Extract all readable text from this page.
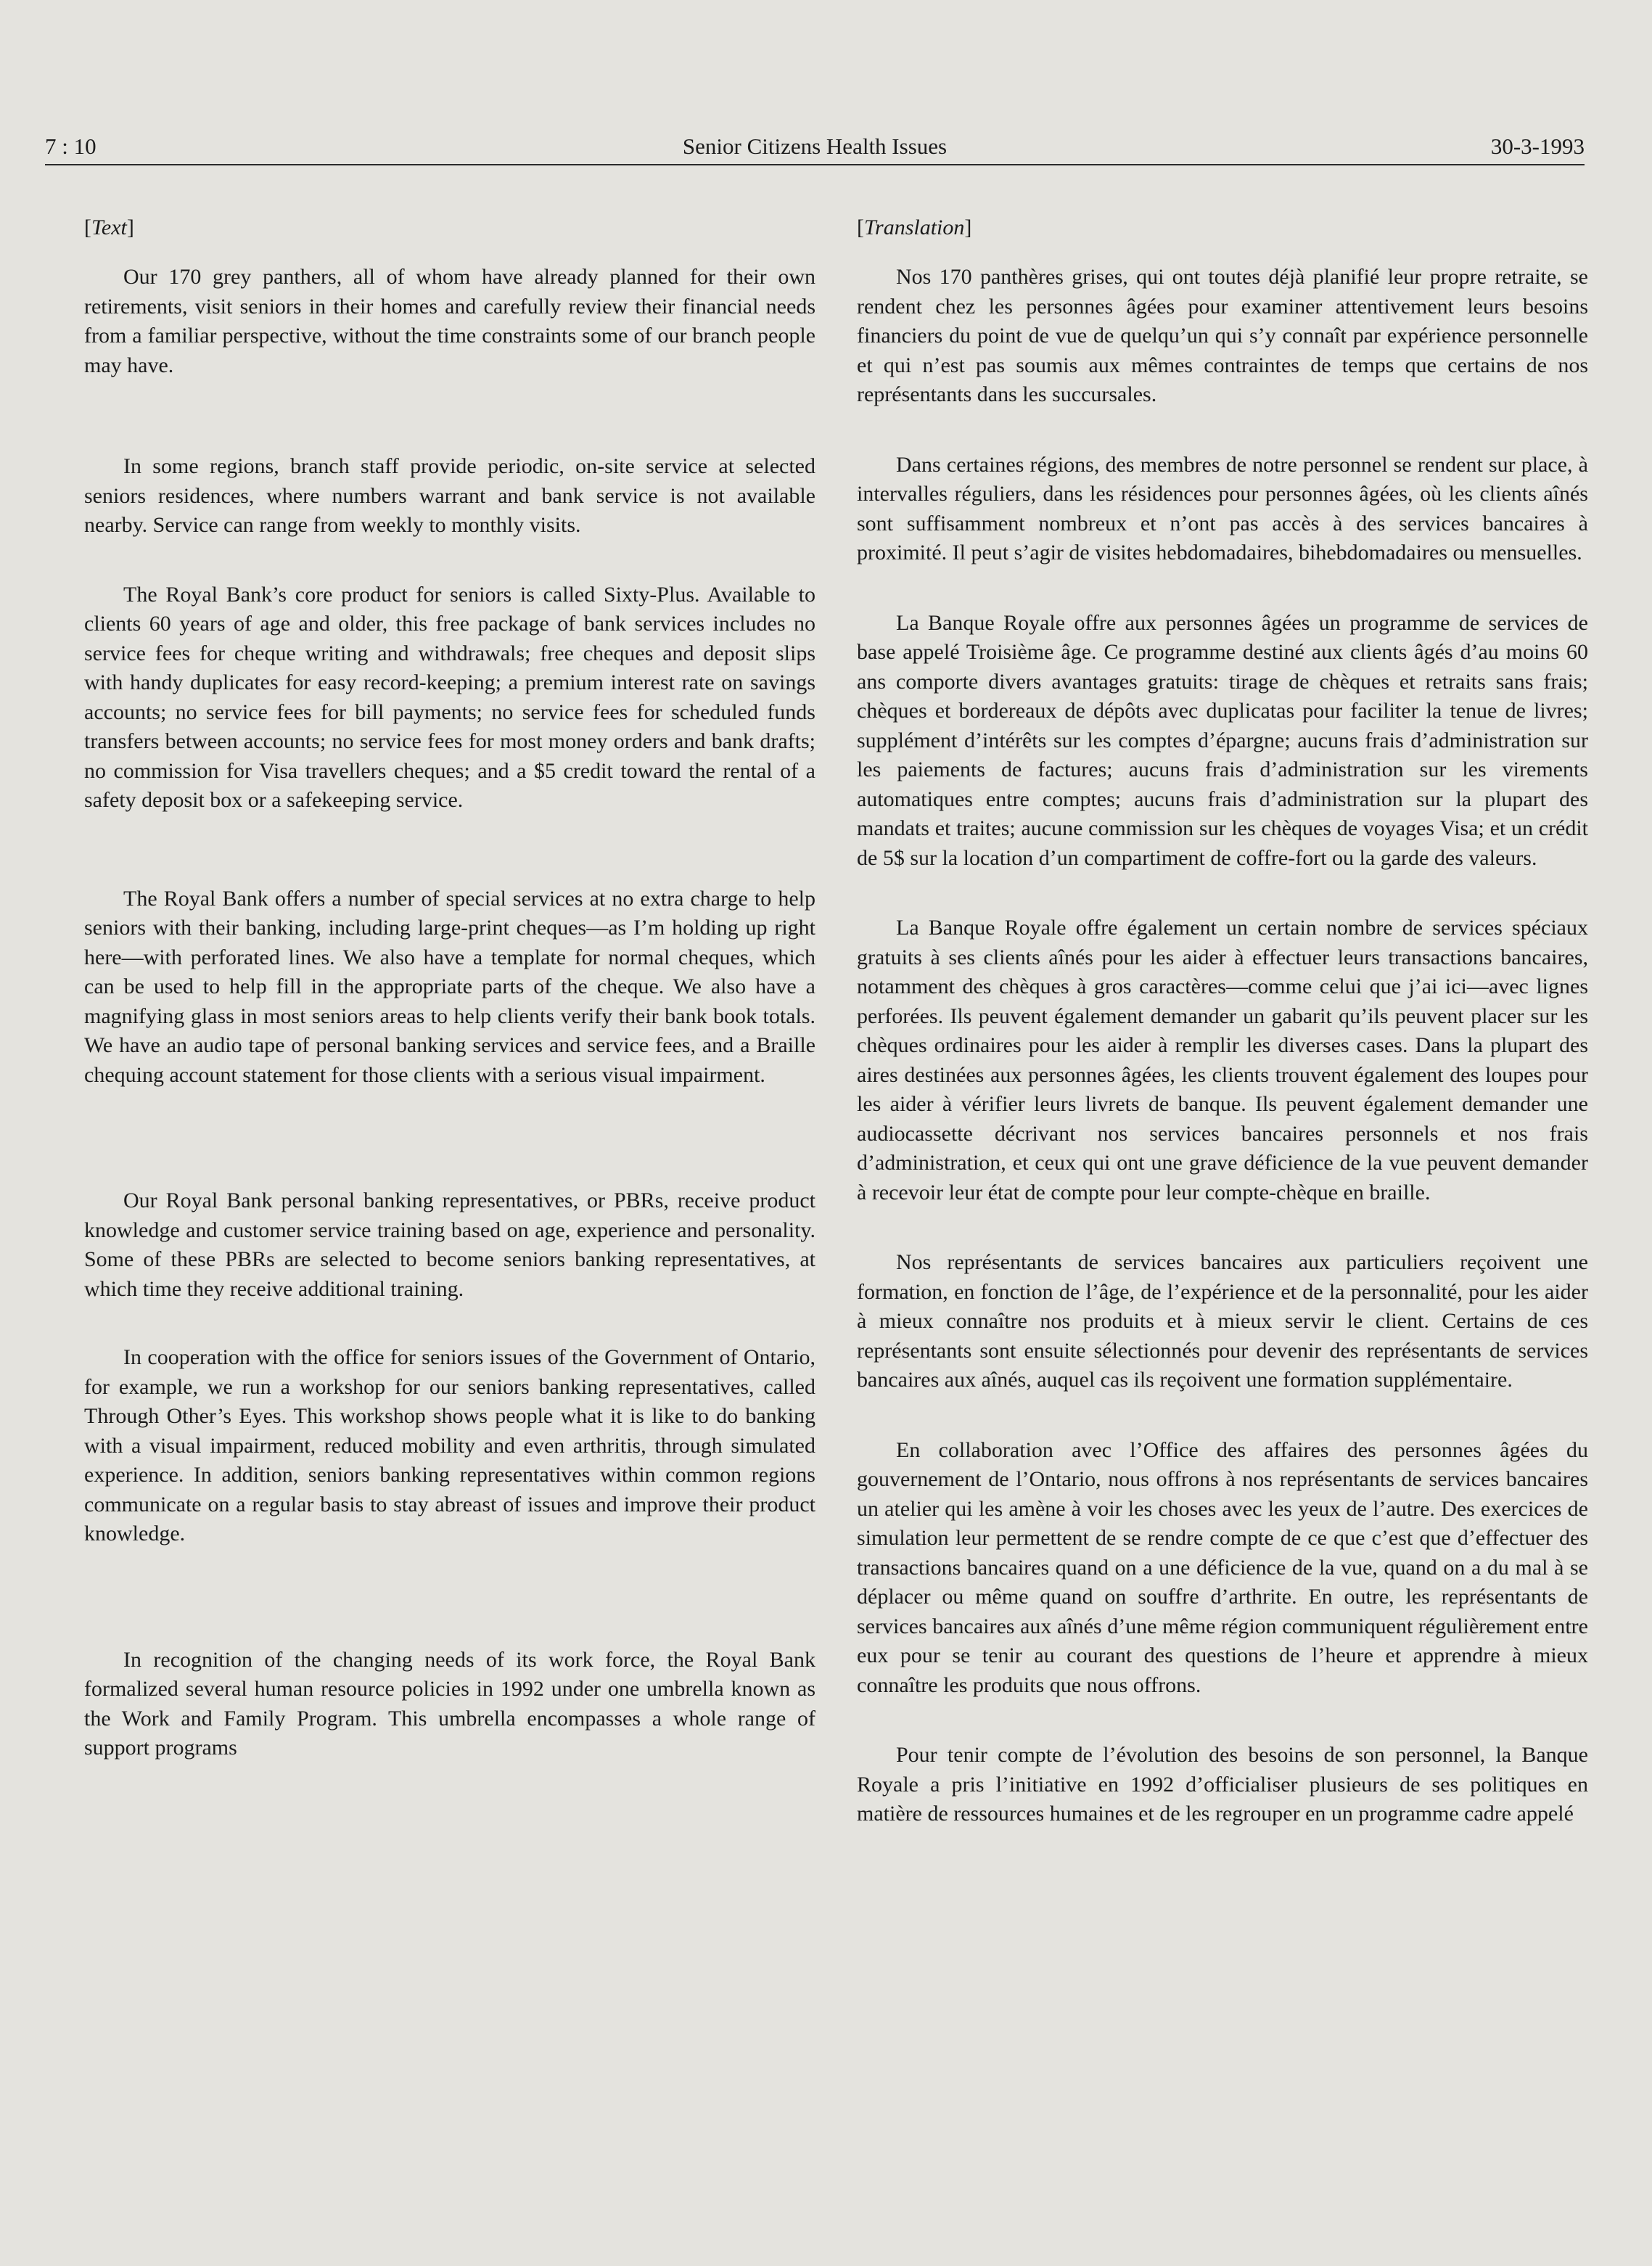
7 : 10	Senior Citizens Health Issues	30-3-1993
[Text]

Our 170 grey panthers, all of whom have already planned for their own retirements, visit seniors in their homes and carefully review their financial needs from a familiar perspective, without the time constraints some of our branch people may have.

In some regions, branch staff provide periodic, on-site service at selected seniors residences, where numbers warrant and bank service is not available nearby. Service can range from weekly to monthly visits.

The Royal Bank’s core product for seniors is called Sixty-Plus. Available to clients 60 years of age and older, this free package of bank services includes no service fees for cheque writing and withdrawals; free cheques and deposit slips with handy duplicates for easy record-keeping; a premium interest rate on savings accounts; no service fees for bill payments; no service fees for scheduled funds transfers between accounts; no service fees for most money orders and bank drafts; no commission for Visa travellers cheques; and a $5 credit toward the rental of a safety deposit box or a safekeeping service.

The Royal Bank offers a number of special services at no extra charge to help seniors with their banking, including large-print cheques—as I’m holding up right here—with perforated lines. We also have a template for normal cheques, which can be used to help fill in the appropriate parts of the cheque. We also have a magnifying glass in most seniors areas to help clients verify their bank book totals. We have an audio tape of personal banking services and service fees, and a Braille chequing account statement for those clients with a serious visual impairment.

Our Royal Bank personal banking representatives, or PBRs, receive product knowledge and customer service training based on age, experience and personality. Some of these PBRs are selected to become seniors banking representatives, at which time they receive additional training.

In cooperation with the office for seniors issues of the Government of Ontario, for example, we run a workshop for our seniors banking representatives, called Through Other’s Eyes. This workshop shows people what it is like to do banking with a visual impairment, reduced mobility and even arthritis, through simulated experience. In addition, seniors banking representatives within common regions communicate on a regular basis to stay abreast of issues and improve their product knowledge.

In recognition of the changing needs of its work force, the Royal Bank formalized several human resource policies in 1992 under one umbrella known as the Work and Family Program. This umbrella encompasses a whole range of support programs

[Translation]

Nos 170 panthères grises, qui ont toutes déjà planifié leur propre retraite, se rendent chez les personnes âgées pour examiner attentivement leurs besoins financiers du point de vue de quelqu’un qui s’y connaît par expérience personnelle et qui n’est pas soumis aux mêmes contraintes de temps que certains de nos représentants dans les succursales.

Dans certaines régions, des membres de notre personnel se rendent sur place, à intervalles réguliers, dans les résidences pour personnes âgées, où les clients aînés sont suffisamment nombreux et n’ont pas accès à des services bancaires à proximité. Il peut s’agir de visites hebdomadaires, bihebdomadaires ou mensuelles.

La Banque Royale offre aux personnes âgées un programme de services de base appelé Troisième âge. Ce programme destiné aux clients âgés d’au moins 60 ans comporte divers avantages gratuits: tirage de chèques et retraits sans frais; chèques et bordereaux de dépôts avec duplicatas pour faciliter la tenue de livres; supplément d’intérêts sur les comptes d’épargne; aucuns frais d’administration sur les paiements de factures; aucuns frais d’administration sur les virements automatiques entre comptes; aucuns frais d’administration sur la plupart des mandats et traites; aucune commission sur les chèques de voyages Visa; et un crédit de 5$ sur la location d’un compartiment de coffre-fort ou la garde des valeurs.

La Banque Royale offre également un certain nombre de services spéciaux gratuits à ses clients aînés pour les aider à effectuer leurs transactions bancaires, notamment des chèques à gros caractères—comme celui que j’ai ici—avec lignes perforées. Ils peuvent également demander un gabarit qu’ils peuvent placer sur les chèques ordinaires pour les aider à remplir les diverses cases. Dans la plupart des aires destinées aux personnes âgées, les clients trouvent également des loupes pour les aider à vérifier leurs livrets de banque. Ils peuvent également demander une audiocassette décrivant nos services bancaires personnels et nos frais d’administration, et ceux qui ont une grave déficience de la vue peuvent demander à recevoir leur état de compte pour leur compte-chèque en braille.

Nos représentants de services bancaires aux particuliers reçoivent une formation, en fonction de l’âge, de l’expérience et de la personnalité, pour les aider à mieux connaître nos produits et à mieux servir le client. Certains de ces représentants sont ensuite sélectionnés pour devenir des représentants de services bancaires aux aînés, auquel cas ils reçoivent une formation supplémentaire.

En collaboration avec l’Office des affaires des personnes âgées du gouvernement de l’Ontario, nous offrons à nos représentants de services bancaires un atelier qui les amène à voir les choses avec les yeux de l’autre. Des exercices de simulation leur permettent de se rendre compte de ce que c’est que d’effectuer des transactions bancaires quand on a une déficience de la vue, quand on a du mal à se déplacer ou même quand on souffre d’arthrite. En outre, les représentants de services bancaires aux aînés d’une même région communiquent régulièrement entre eux pour se tenir au courant des questions de l’heure et apprendre à mieux connaître les produits que nous offrons.

Pour tenir compte de l’évolution des besoins de son personnel, la Banque Royale a pris l’initiative en 1992 d’officialiser plusieurs de ses politiques en matière de ressources humaines et de les regrouper en un programme cadre appelé
